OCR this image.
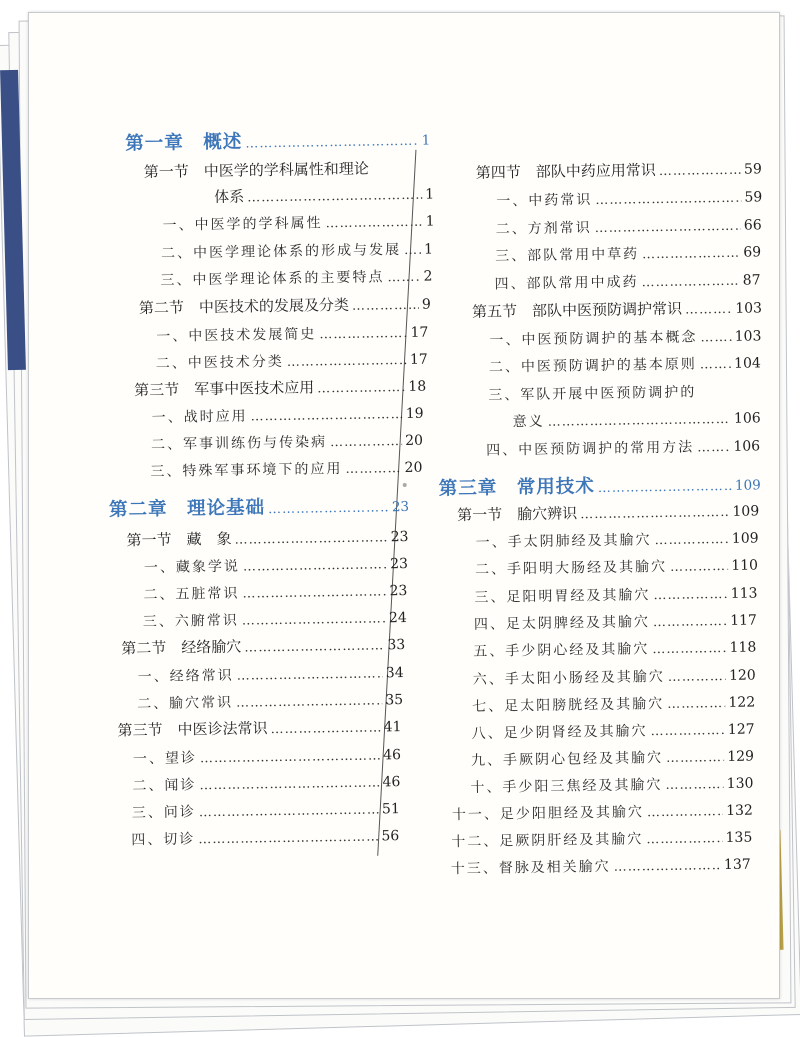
第一章　概述 …………………………………………………………………………………………………………………………	1
第一节　中医学的学科属性和理论
体系 …………………………………………………………………………………………………………………………	1
一、中医学的学科属性 …………………………………………………………………………………………………………………………	1
二、中医学理论体系的形成与发展 ………………………………………………………………………………………………………………………… 1
三、中医学理论体系的主要特点 …………………………………………………………………………………………………………………………	2
第二节　中医技术的发展及分类 …………………………………………………………………………………………………………………………	9
一、中医技术发展简史 …………………………………………………………………………………………………………………………	17
二、中医技术分类 …………………………………………………………………………………………………………………………	17
第三节　军事中医技术应用 …………………………………………………………………………………………………………………………	18
一、战时应用 …………………………………………………………………………………………………………………………	19
二、军事训练伤与传染病 …………………………………………………………………………………………………………………………	20
三、特殊军事环境下的应用 …………………………………………………………………………………………………………………………	20
第二章　理论基础 …………………………………………………………………………………………………………………………	23
第一节　藏　象 …………………………………………………………………………………………………………………………	23
一、藏象学说 …………………………………………………………………………………………………………………………	23
二、五脏常识 …………………………………………………………………………………………………………………………	23
三、六腑常识 …………………………………………………………………………………………………………………………	24
第二节　经络腧穴 …………………………………………………………………………………………………………………………	33
一、经络常识 …………………………………………………………………………………………………………………………	34
二、腧穴常识 …………………………………………………………………………………………………………………………	35
第三节　中医诊法常识 …………………………………………………………………………………………………………………………	41
一、望诊 …………………………………………………………………………………………………………………………	46
二、闻诊 …………………………………………………………………………………………………………………………	46
三、问诊 …………………………………………………………………………………………………………………………	51
四、切诊 …………………………………………………………………………………………………………………………	56
第四节　部队中药应用常识 …………………………………………………………………………………………………………………………	59
一、中药常识 …………………………………………………………………………………………………………………………	59
二、方剂常识 …………………………………………………………………………………………………………………………	66
三、部队常用中草药 …………………………………………………………………………………………………………………………	69
四、部队常用中成药 …………………………………………………………………………………………………………………………	87
第五节　部队中医预防调护常识 …………………………………………………………………………………………………………………………	103
一、中医预防调护的基本概念 …………………………………………………………………………………………………………………………	103
二、中医预防调护的基本原则 …………………………………………………………………………………………………………………………	104
三、军队开展中医预防调护的
意义 …………………………………………………………………………………………………………………………	106
四、中医预防调护的常用方法 …………………………………………………………………………………………………………………………	106
第三章　常用技术 …………………………………………………………………………………………………………………………	109
第一节　腧穴辨识 …………………………………………………………………………………………………………………………	109
一、手太阴肺经及其腧穴 …………………………………………………………………………………………………………………………	109
二、手阳明大肠经及其腧穴 …………………………………………………………………………………………………………………………	110
三、足阳明胃经及其腧穴 …………………………………………………………………………………………………………………………	113
四、足太阴脾经及其腧穴 …………………………………………………………………………………………………………………………	117
五、手少阴心经及其腧穴 …………………………………………………………………………………………………………………………	118
六、手太阳小肠经及其腧穴 …………………………………………………………………………………………………………………………	120
七、足太阳膀胱经及其腧穴 …………………………………………………………………………………………………………………………	122
八、足少阴肾经及其腧穴 …………………………………………………………………………………………………………………………	127
九、手厥阴心包经及其腧穴 …………………………………………………………………………………………………………………………	129
十、手少阳三焦经及其腧穴 …………………………………………………………………………………………………………………………	130
十一、足少阳胆经及其腧穴 …………………………………………………………………………………………………………………………	132
十二、足厥阴肝经及其腧穴 …………………………………………………………………………………………………………………………	135
十三、督脉及相关腧穴 …………………………………………………………………………………………………………………………	137
